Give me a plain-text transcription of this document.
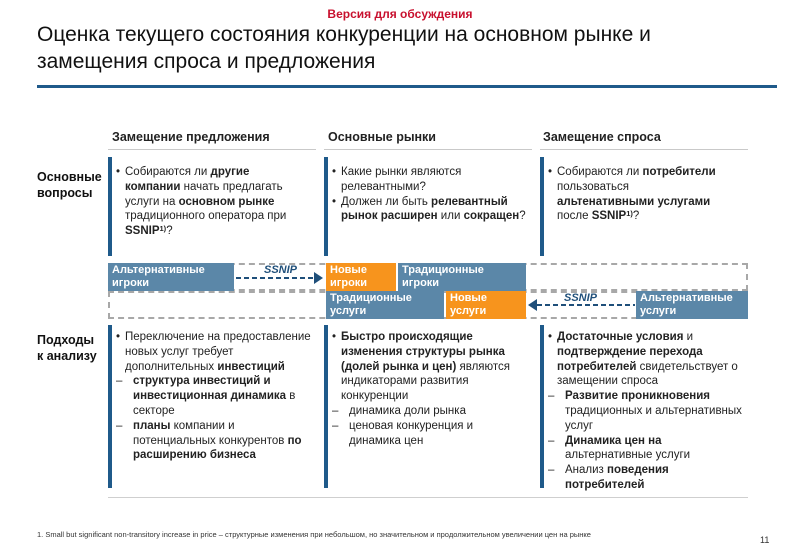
Версия для обсуждения
Оценка текущего состояния конкуренции на основном рынке и
замещения спроса и предложения
Замещение предложения	Основные рынки	Замещение спроса
Основные
вопросы
• Собираются ли другие компании начать предлагать услуги на основном рынке традиционного оператора при SSNIP$^{1)}$?
• Какие рынки являются релевантными?
• Должен ли быть релевантный рынок расширен или сокращен?
• Собираются ли потребители пользоваться альтенативными услугами после SSNIP$^{1)}$?
Альтернативные игроки
SSNIP	Новые игроки
Традиционные игроки
Традиционные услуги
Новые услуги
SSNIP	Альтернативные услуги
Подходы
к анализу
• Переключение на предоставление новых услуг требует дополнительных инвестиций
– структура инвестиций и инвестиционная динамика в секторе
– планы компании и потенциальных конкурентов по расширению бизнеса
• Быстро происходящие изменения структуры рынка (долей рынка и цен) являются индикаторами развития конкуренции
– динамика доли рынка
– ценовая конкуренция и динамика цен
• Достаточные условия и подтверждение перехода потребителей свидетельствует о замещении спроса
– Развитие проникновения традиционных и альтернативных услуг
– Динамика цен на альтернативные услуги
– Анализ поведения потребителей
1. Small but significant non-transitory increase in price – структурные изменения при небольшом, но значительном и продолжительном увеличении цен на рынке
11
